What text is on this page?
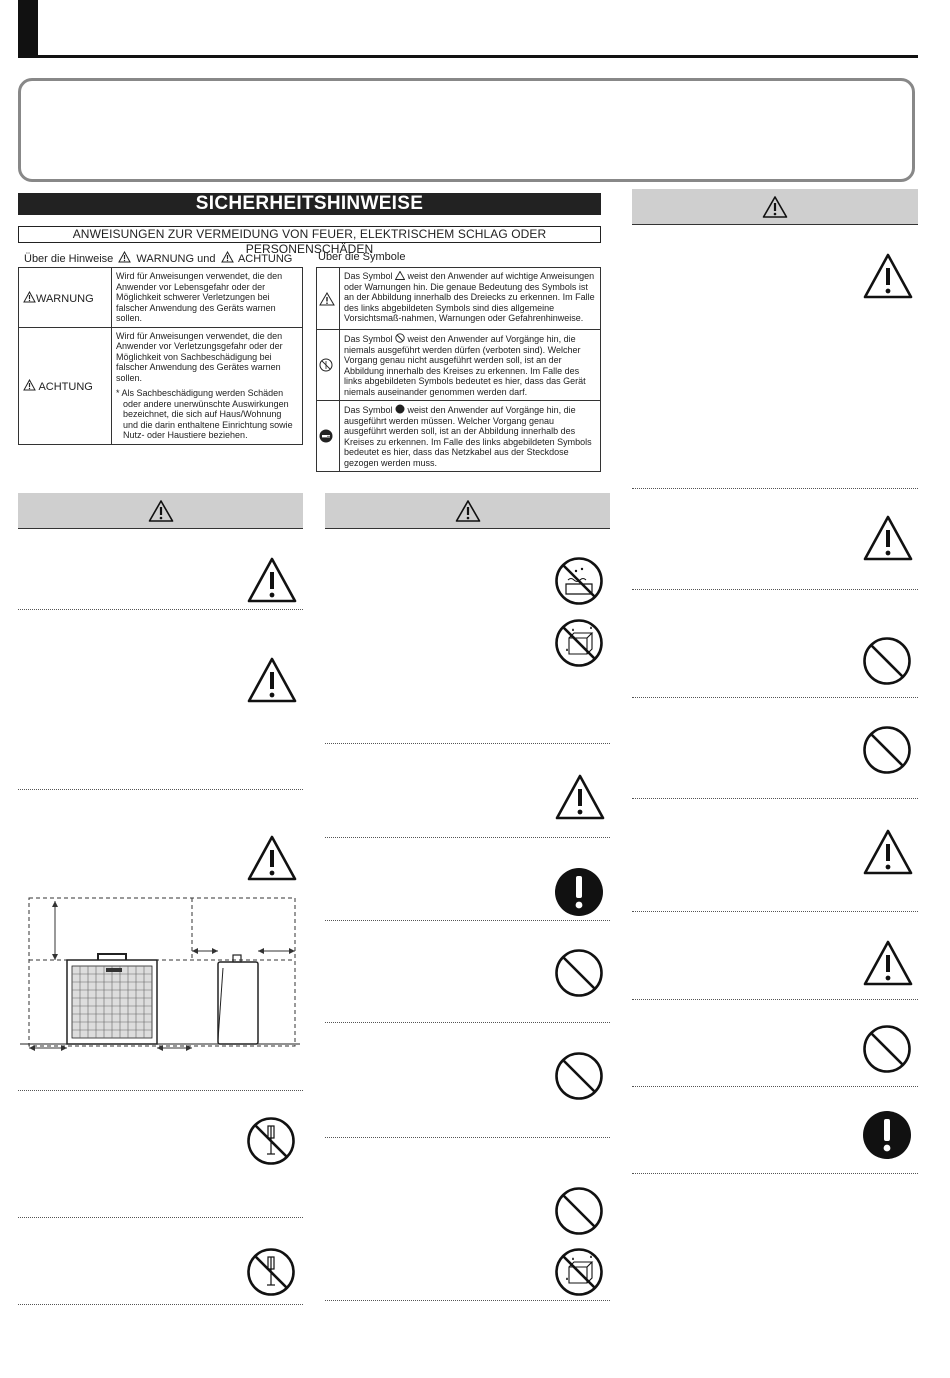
SICHERHEITSHINWEISE
ANWEISUNGEN ZUR VERMEIDUNG VON FEUER, ELEKTRISCHEM SCHLAG ODER PERSONENSCHÄDEN
Über die Hinweise WARNUNG und ACHTUNG
WARNUNG	Wird für Anweisungen verwendet, die den Anwender vor Lebensgefahr oder der Möglichkeit schwerer Verletzungen bei falscher Anwendung des Geräts warnen sollen.
ACHTUNG	Wird für Anweisungen verwendet, die den Anwender vor Verletzungsgefahr oder der Möglichkeit von Sachbeschädigung bei falscher Anwendung des Gerätes warnen sollen.
* Als Sachbeschädigung werden Schäden oder andere unerwünschte Auswirkungen bezeichnet, die sich auf Haus/Wohnung und die darin enthaltene Einrichtung sowie Nutz- oder Haustiere beziehen.
Über die Symbole
	Das Symbol weist den Anwender auf wichtige Anweisungen oder Warnungen hin. Die genaue Bedeutung des Symbols ist an der Abbildung innerhalb des Dreiecks zu erkennen. Im Falle des links abgebildeten Symbols sind dies allgemeine Vorsichtsmaß-nahmen, Warnungen oder Gefahrenhinweise.

	Das Symbol weist den Anwender auf Vorgänge hin, die niemals ausgeführt werden dürfen (verboten sind). Welcher Vorgang genau nicht ausgeführt werden soll, ist an der Abbildung innerhalb des Kreises zu erkennen. Im Falle des links abgebildeten Symbols bedeutet es hier, dass das Gerät niemals auseinander genommen werden darf.

	Das Symbol weist den Anwender auf Vorgänge hin, die ausgeführt werden müssen. Welcher Vorgang genau ausgeführt werden soll, ist an der Abbildung innerhalb des Kreises zu erkennen. Im Falle des links abgebildeten Symbols bedeutet es hier, dass das Netzkabel aus der Steckdose gezogen werden muss.
